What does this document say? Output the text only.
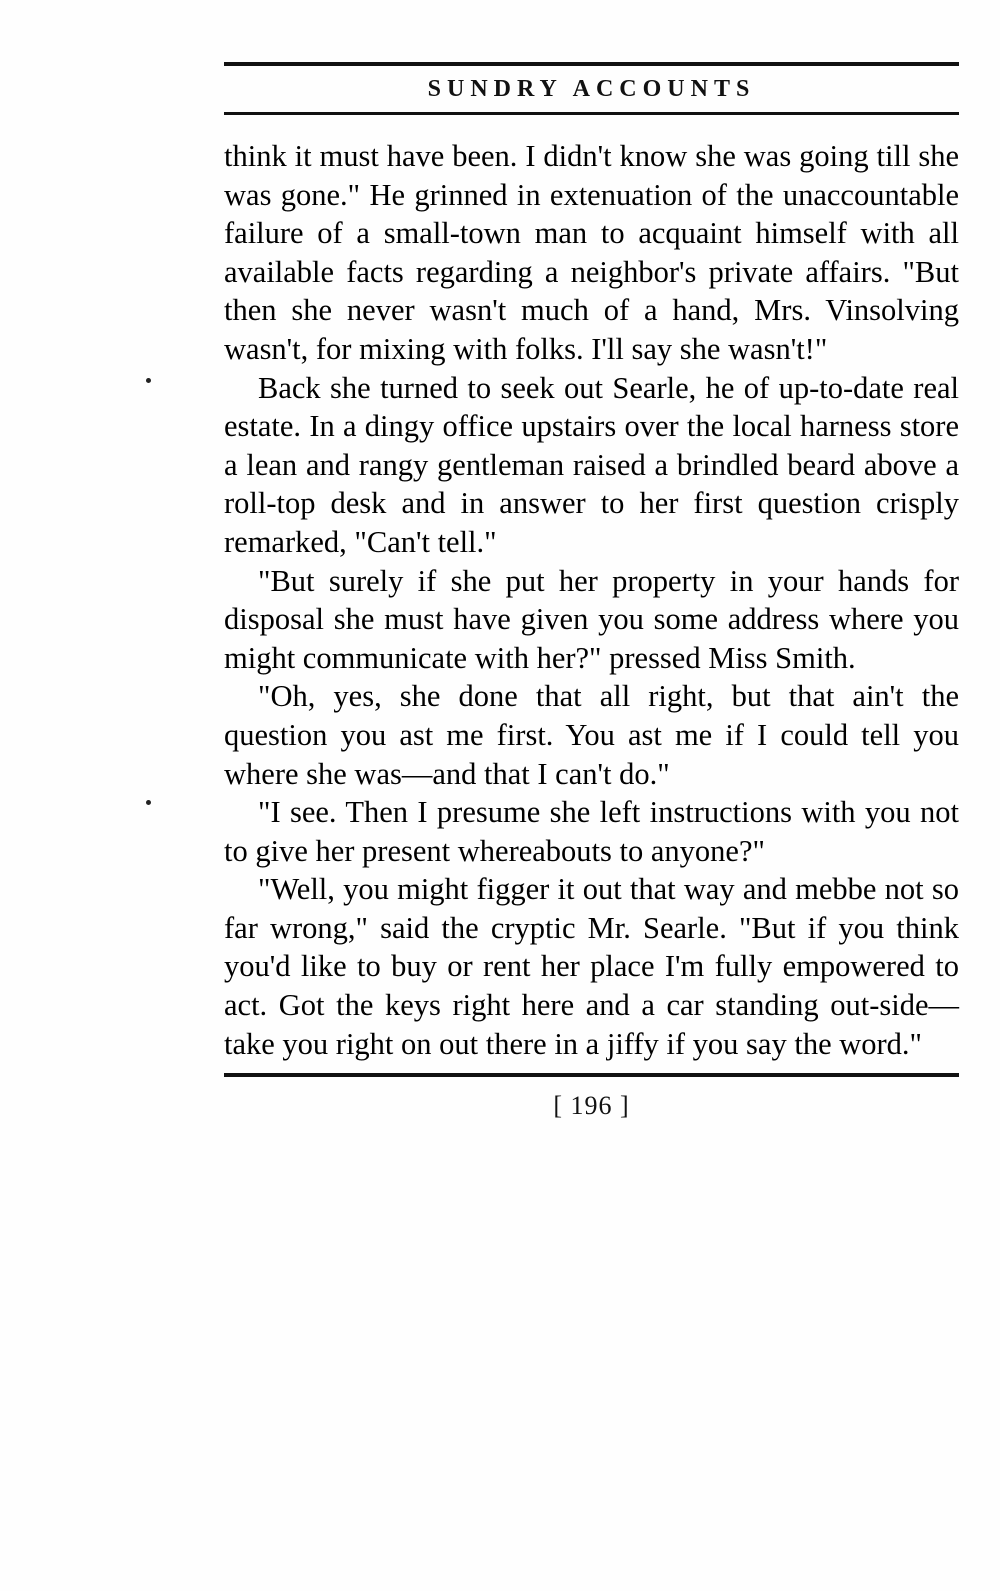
SUNDRY ACCOUNTS

think it must have been. I didn't know she was going till she was gone." He grinned in extenuation of the unaccountable failure of a small-town man to acquaint himself with all available facts regarding a neighbor's private affairs. "But then she never wasn't much of a hand, Mrs. Vinsolving wasn't, for mixing with folks. I'll say she wasn't!"

Back she turned to seek out Searle, he of up-to-date real estate. In a dingy office upstairs over the local harness store a lean and rangy gentleman raised a brindled beard above a roll-top desk and in answer to her first question crisply remarked, "Can't tell."

"But surely if she put her property in your hands for disposal she must have given you some address where you might communicate with her?" pressed Miss Smith.

"Oh, yes, she done that all right, but that ain't the question you ast me first. You ast me if I could tell you where she was—and that I can't do."

"I see. Then I presume she left instructions with you not to give her present whereabouts to anyone?"

"Well, you might figger it out that way and mebbe not so far wrong," said the cryptic Mr. Searle. "But if you think you'd like to buy or rent her place I'm fully empowered to act. Got the keys right here and a car standing out-side—take you right on out there in a jiffy if you say the word."

[ 196 ]
